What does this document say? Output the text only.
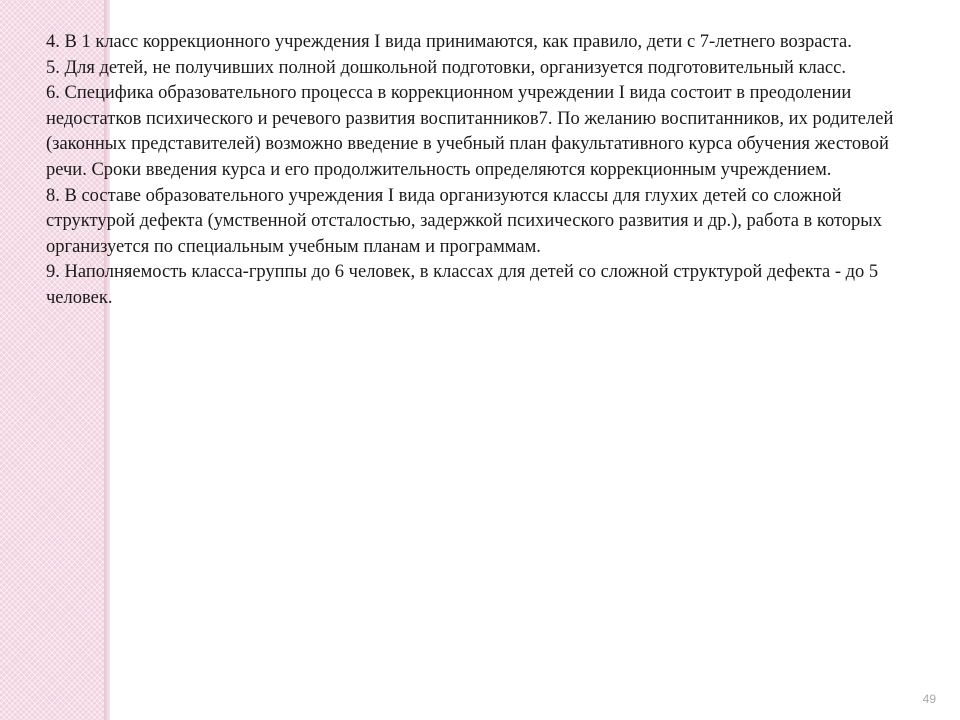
4. В 1 класс коррекционного учреждения I вида принимаются, как правило, дети с 7-летнего возраста.

5. Для детей, не получивших полной дошкольной подготовки, организуется подготовительный класс.

6. Специфика образовательного процесса в коррекционном учреждении I вида состоит в преодолении недостатков психического и речевого развития воспитанников7. По желанию воспитанников, их родителей (законных представителей) возможно введение в учебный план факультативного курса обучения жестовой речи. Сроки введения курса и его продолжительность определяются коррекционным учреждением.

8. В составе образовательного учреждения I вида организуются классы для глухих детей со сложной структурой дефекта (умственной отсталостью, задержкой психического развития и др.), работа в которых организуется по специальным учебным планам и программам.

9. Наполняемость класса-группы до 6 человек, в классах для детей со сложной структурой дефекта - до 5 человек.

49
